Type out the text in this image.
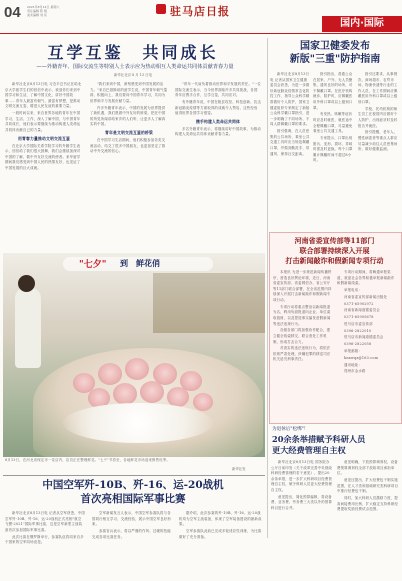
04 2021年8月14日 星期六
责任编辑 陈 翔
美术编辑 刘 亮	驻马店日报
国内·国际
互学互鉴　共同成长
——外籍青年、国际交流生等特别人士表示应为热动相互人类命运共同体贡献青春力量
新华社北京 8 月 13 日电

新华社北京8月13日电 习近平总书记在给北京大学留学生们的回信中表示，欢迎你们来到中国学习和生活，了解中国文化，讲好中国故事……青年人最富有朝气、最富有梦想，是推动文明交流互鉴、增进人民友谊的重要力量。

一段时间以来，来自世界各地的青年在中国学习、生活、工作，深入了解中国，与中国青年共同成长，他们表示要继续为推动构建人类命运共同体贡献自己的力量。

用青春力量推动文明交流互鉴

在北京大学国际关系学院学习的外籍学生表示，回信给了我们很大鼓舞，我们会继续加深对中国的了解，做中外友好交流的使者。来华留学期间我们感受到中国人民的热情友好，也见证了中国发展的巨大成就。

"我们来到中国，深刻感受到中国发展的活力。"来自巴基斯坦的留学生说，中国青年朝气蓬勃、积极向上，我们要向中国青年学习，共同为世界和平与发展贡献力量。

许多外籍青年表示，中国的发展为世界提供了新机遇，我们愿做中外友好的桥梁，把在中国的所见所闻讲给家乡的人们听，让更多人了解真实的中国。

青年是文明交流互鉴的桥梁

在中国学习生活期间，他们积极参加各类交流活动，结交了很多中国朋友，也更加坚定了推动中外交流的信心。

"青年一代肩负着推动世界和平发展的责任。"一位国际交流生表示，当今世界面临许多共同挑战，各国青年应携手合作，互学互鉴，共同应对。

有外籍青年说，中国在脱贫攻坚、科技创新、抗击新冠肺炎疫情等方面取得的成就令人赞叹，这些经验值得世界各国学习借鉴。

携手构建人类命运共同体

多名外籍青年表示，将继续讲好中国故事，为推动构建人类命运共同体贡献青春力量。

国家卫健委发布
新版"三重"防护指南

新华社北京8月13日电 记者从国家卫生健康委员会获悉，为进一步做好新冠肺炎疫情常态化防控工作，指导公众科学精准做好个人防护，国家卫健委组织专家制定了新版公众科学戴口罩指引，进一步明确了不同场所、不同人群佩戴口罩的要求。

指引强调，在人员密集的公共场所、乘坐公共交通工具时应当规范佩戴口罩，并做到勤洗手、常通风、保持社交距离。

指引指出，普通公众在居家、户外、无人员聚集、通风良好的场所，可不佩戴口罩。在医疗机构就诊、陪护时，应佩戴医用外科口罩或以上级别口罩。

有发热、咳嗽等症状时应及时就医，就医途中全程佩戴口罩，尽量避免乘坐公共交通工具。

专家提示，口罩出现脏污、变形、损坏、异味时需及时更换，每个口罩累计佩戴时间不超过8小时。

指引还要求，从事餐饮、商场超市、农贸市场、物流快递等行业的工作人员，在工作期间应佩戴医用外科口罩或以上级别口罩。

学校、托幼机构的师生员工在校园内应做好个人防护，出现症状时及时报告并就医。

指引提醒，老年人、慢性病患者等重点人群应尽量减少前往人员密集场所，做好健康监测。

河南省委宣传部等11部门
联合部署持续深入开展
打击新闻敲诈和假新闻专项行动

本报讯 为进一步规范新闻传播秩序，营造良好舆论环境，近日，河南省委宣传部、省委网信办、省公安厅等11部门联合部署，在全省范围内持续深入开展打击新闻敲诈和假新闻专项行动。

专项行动将重点整治以新闻报道为名，利用负面报道向企业、单位索取钱财，以及捏造事实编发虚假新闻等违法违规行为。

各级各部门将加强协作配合，建立健全线索移交、联合查处工作机制，形成打击合力。

对查实的违法违规行为，将依法依规严肃处理，涉嫌犯罪的移送司法机关追究刑事责任。

专项行动期间，将畅通举报渠道，欢迎社会各界积极举报新闻敲诈和假新闻线索。

举报电话：

河南省委宣传部新闻出版处

0371-65902972

河南省新闻道德委员会

0371-65905678

驻马店市委宣传部

0396-2822010

驻马店市新闻道德委员会

0396-2822058

举报邮箱：

hnxwqz@163.com

通讯地址：

郑州市金水路

"七夕" 到　鲜花俏
8月13日，在河北省保定市一花店内，店员正在整理鲜花。"七夕"节将至，各地鲜花市场迎来销售旺季。
新华社发
中国空军歼-10B、歼-16、运-20战机
首次亮相国际军事比赛

新华社北京8月13日电 记者从空军获悉，中国空军歼-10B、歼-16、运-20战机正式亮相"航空飞镖-2021"国际军事比赛，这是空军新型主战装备首次参加国际军事比赛。

此次比赛在俄罗斯举行，参赛队伍将同来自多个国家的空军同场竞技。

空军新闻发言人表示，中国空军参赛队将与各国同行相互学习、交流经验，展示中国空军良好形象。

参赛官兵表示，将以严谨的作风、过硬的技能完成各项比赛任务。

据介绍，此次参赛的歼-10B、歼-16、运-20战机均为空军主战装备，体现了空军装备建设的最新成果。

空军参赛队此前已完成多轮适应性训练，为比赛做好了充分准备。

为退休后"松绑"！
20余条举措赋予科研人员
更大经费管理自主权

新华社北京8月13日电 国务院办公厅日前印发《关于改革完善中央财政科研经费管理的若干意见》，提出20余条举措，进一步扩大科研项目经费管理自主权，赋予科研人员更大经费管理自主权。

意见提出，简化预算编制，将设备费、业务费、劳务费三大类以外的预算科目进行合并。

意见明确，下放预算调剂权，设备费预算调剂权全部下放给项目承担单位。

意见还提出，扩大经费包干制实施范围，在人才类和基础研究类科研项目中推行经费包干制。

同时，加大科研人员激励力度，提高间接费用比例，扩大稳定支持科研经费提取奖励经费试点范围。
